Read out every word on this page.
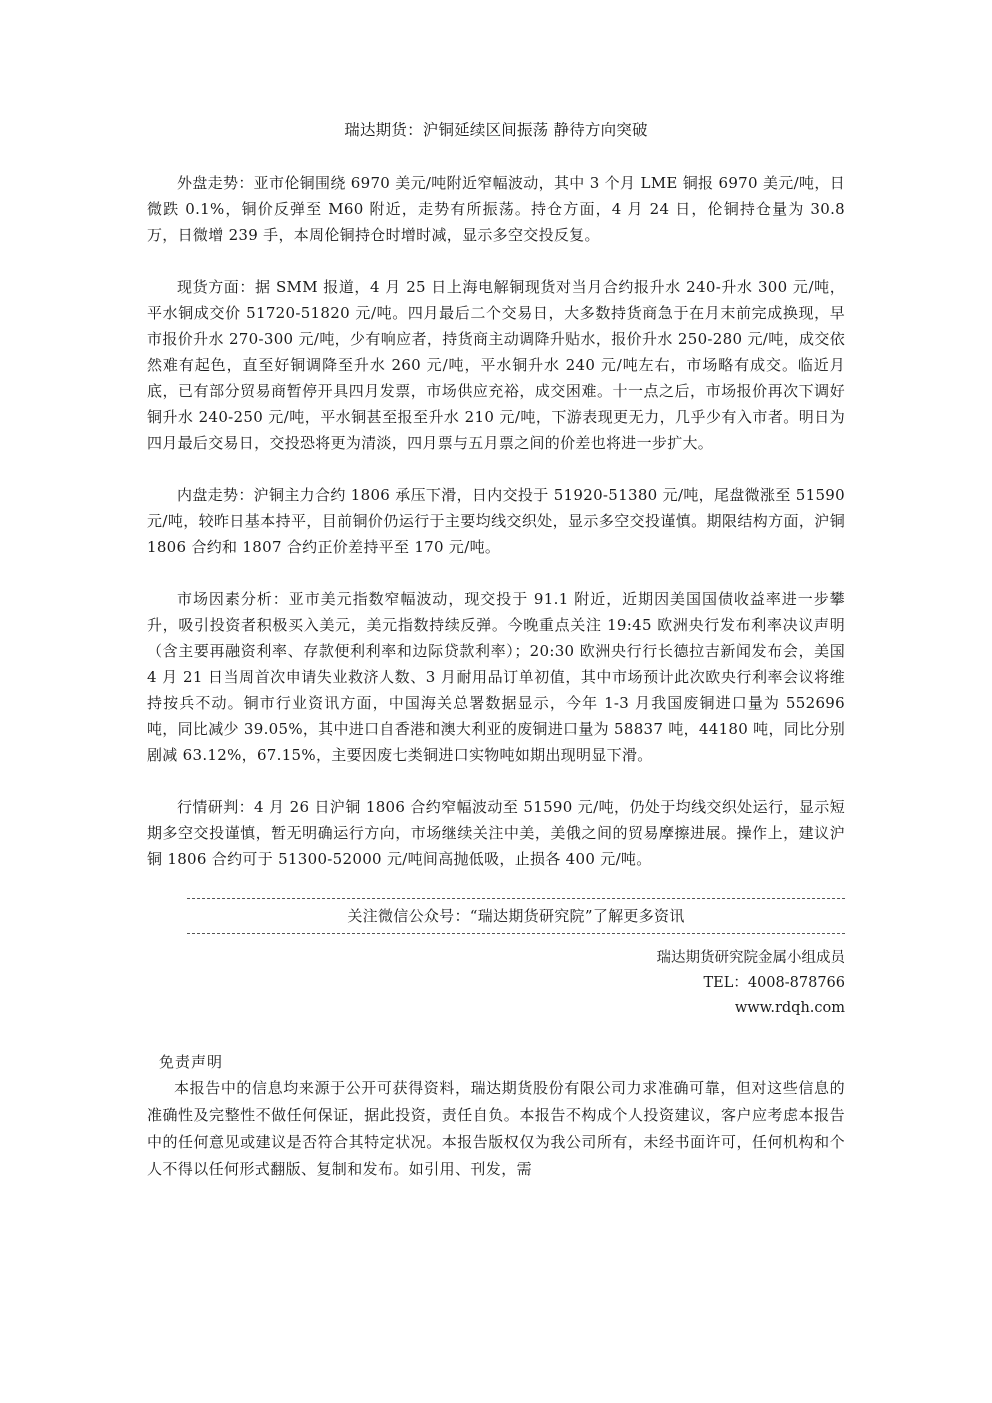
瑞达期货：沪铜延续区间振荡 静待方向突破

外盘走势：亚市伦铜围绕 6970 美元/吨附近窄幅波动，其中 3 个月 LME 铜报 6970 美元/吨，日微跌 0.1%，铜价反弹至 M60 附近，走势有所振荡。持仓方面，4 月 24 日，伦铜持仓量为 30.8 万，日微增 239 手，本周伦铜持仓时增时减，显示多空交投反复。

现货方面：据 SMM 报道，4 月 25 日上海电解铜现货对当月合约报升水 240-升水 300 元/吨，平水铜成交价 51720-51820 元/吨。四月最后二个交易日，大多数持货商急于在月末前完成换现，早市报价升水 270-300 元/吨，少有响应者，持货商主动调降升贴水，报价升水 250-280 元/吨，成交依然难有起色，直至好铜调降至升水 260 元/吨，平水铜升水 240 元/吨左右，市场略有成交。临近月底，已有部分贸易商暂停开具四月发票，市场供应充裕，成交困难。十一点之后，市场报价再次下调好铜升水 240-250 元/吨，平水铜甚至报至升水 210 元/吨，下游表现更无力，几乎少有入市者。明日为四月最后交易日，交投恐将更为清淡，四月票与五月票之间的价差也将进一步扩大。

内盘走势：沪铜主力合约 1806 承压下滑，日内交投于 51920-51380 元/吨，尾盘微涨至 51590 元/吨，较昨日基本持平，目前铜价仍运行于主要均线交织处，显示多空交投谨慎。期限结构方面，沪铜 1806 合约和 1807 合约正价差持平至 170 元/吨。

市场因素分析：亚市美元指数窄幅波动，现交投于 91.1 附近，近期因美国国债收益率进一步攀升，吸引投资者积极买入美元，美元指数持续反弹。今晚重点关注 19:45 欧洲央行发布利率决议声明（含主要再融资利率、存款便利利率和边际贷款利率）；20:30 欧洲央行行长德拉吉新闻发布会，美国 4 月 21 日当周首次申请失业救济人数、3 月耐用品订单初值，其中市场预计此次欧央行利率会议将维持按兵不动。铜市行业资讯方面，中国海关总署数据显示，今年 1-3 月我国废铜进口量为 552696 吨，同比减少 39.05%，其中进口自香港和澳大利亚的废铜进口量为 58837 吨，44180 吨，同比分别剧减 63.12%，67.15%，主要因废七类铜进口实物吨如期出现明显下滑。

行情研判：4 月 26 日沪铜 1806 合约窄幅波动至 51590 元/吨，仍处于均线交织处运行，显示短期多空交投谨慎，暂无明确运行方向，市场继续关注中美，美俄之间的贸易摩擦进展。操作上，建议沪铜 1806 合约可于 51300-52000 元/吨间高抛低吸，止损各 400 元/吨。

关注微信公众号：“瑞达期货研究院”了解更多资讯
瑞达期货研究院金属小组成员
TEL：4008-878766
www.rdqh.com
免责声明

本报告中的信息均来源于公开可获得资料，瑞达期货股份有限公司力求准确可靠，但对这些信息的准确性及完整性不做任何保证，据此投资，责任自负。本报告不构成个人投资建议，客户应考虑本报告中的任何意见或建议是否符合其特定状况。本报告版权仅为我公司所有，未经书面许可，任何机构和个人不得以任何形式翻版、复制和发布。如引用、刊发，需
